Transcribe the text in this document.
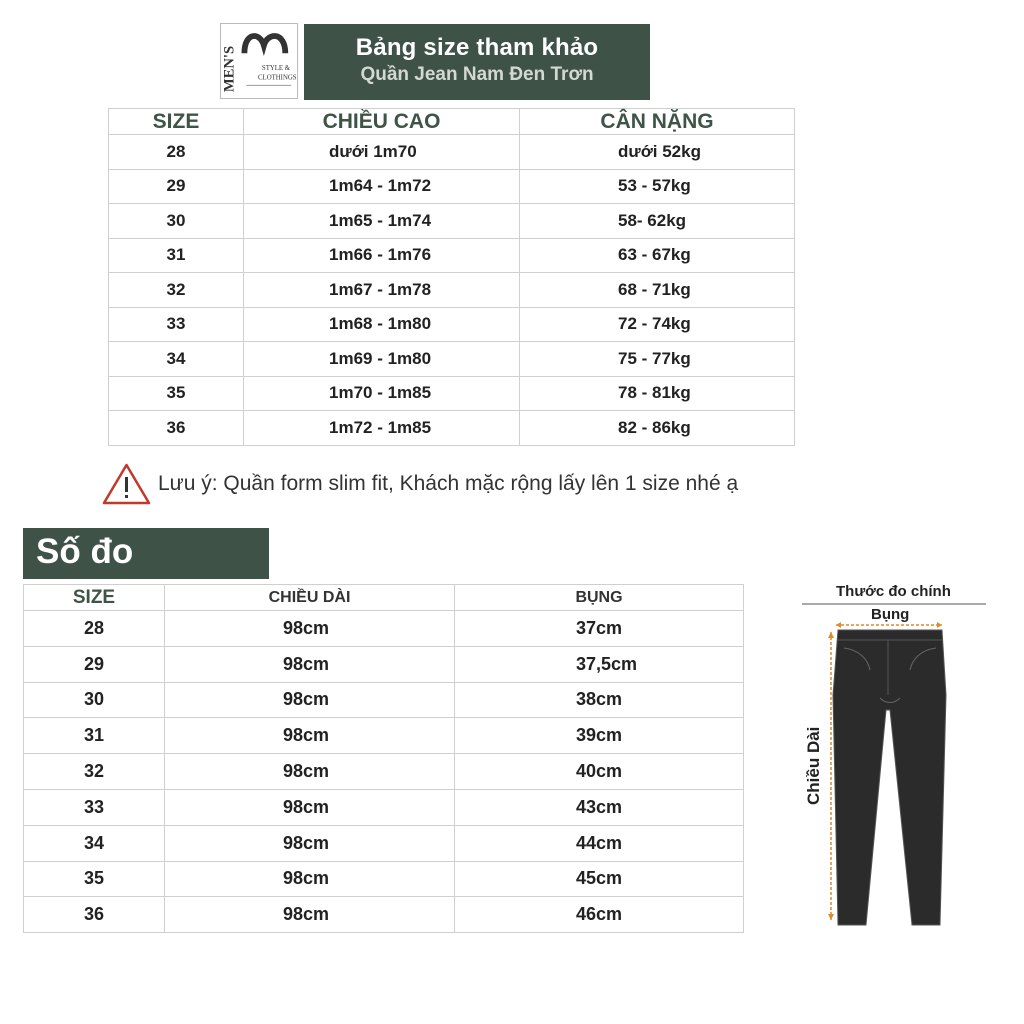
MEN'S	STYLE &
CLOTHINGS
Bảng size tham khảo
Quần Jean Nam Đen Trơn
SIZE	CHIỀU CAO	CÂN NẶNG
28	dưới 1m70	dưới 52kg
29	1m64 - 1m72	53 - 57kg
30	1m65 - 1m74	58- 62kg
31	1m66 - 1m76	63 - 67kg
32	1m67 - 1m78	68 - 71kg
33	1m68 - 1m80	72 - 74kg
34	1m69 - 1m80	75 - 77kg
35	1m70 - 1m85	78 - 81kg
36	1m72 - 1m85	82 - 86kg
Lưu ý: Quần form slim fit, Khách mặc rộng lấy lên 1 size nhé ạ
Số đo
SIZE	CHIỀU DÀI	BỤNG
28	98cm	37cm
29	98cm	37,5cm
30	98cm	38cm
31	98cm	39cm
32	98cm	40cm
33	98cm	43cm
34	98cm	44cm
35	98cm	45cm
36	98cm	46cm
Thước đo chính
Bụng
Chiều Dài
